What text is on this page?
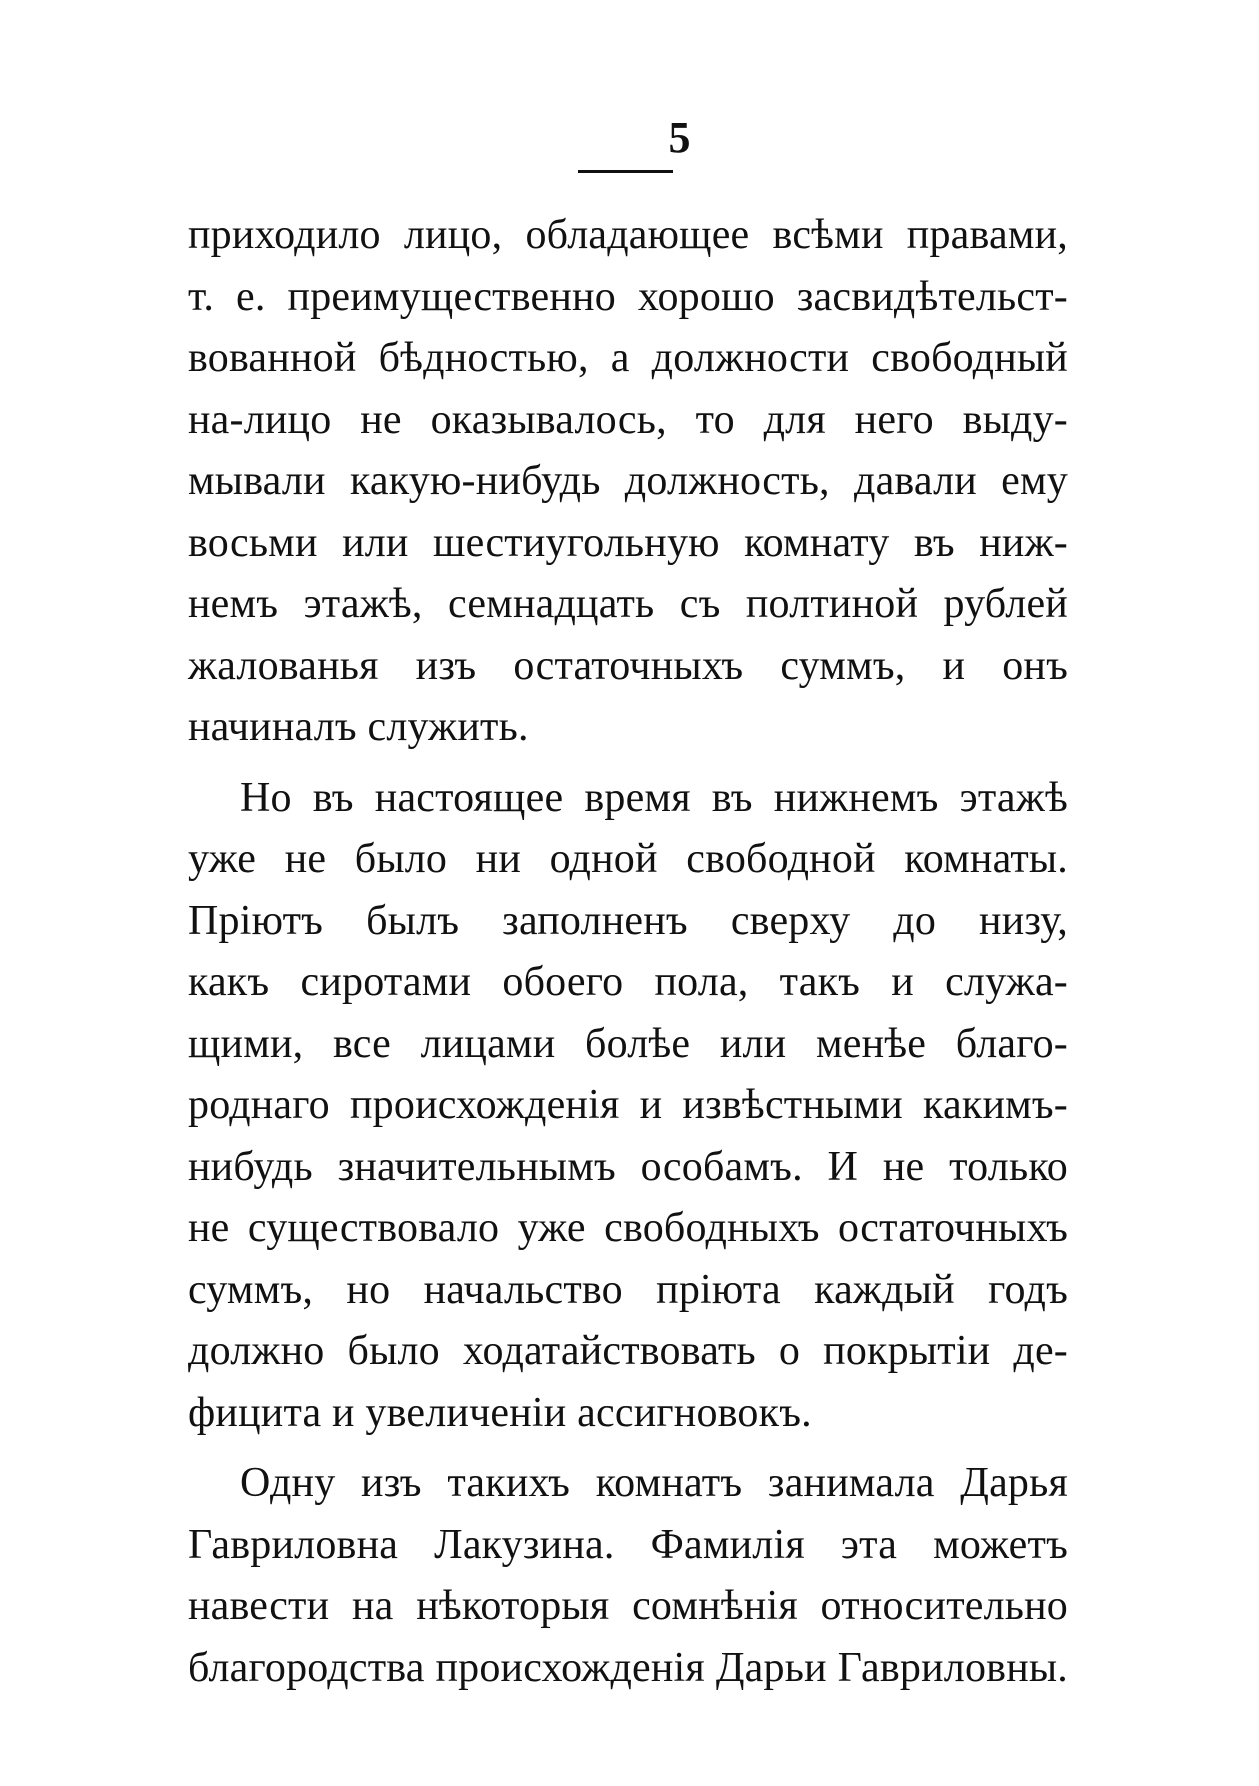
5
приходило лицо, обладающее всѣми правами,
т. е. преимущественно хорошо засвидѣтельст-
вованной бѣдностью, а должности свободный
на-лицо не оказывалось, то для него выду-
мывали какую-нибудь должность, давали ему
восьми или шестиугольную комнату въ ниж-
немъ этажѣ, семнадцать съ полтиной рублей
жалованья изъ остаточныхъ суммъ, и онъ
начиналъ служить.
Но въ настоящее время въ нижнемъ этажѣ
уже не было ни одной свободной комнаты.
Пріютъ былъ заполненъ сверху до низу,
какъ сиротами обоего пола, такъ и служа-
щими, все лицами болѣе или менѣе благо-
роднаго происхожденія и извѣстными какимъ-
нибудь значительнымъ особамъ. И не только
не существовало уже свободныхъ остаточныхъ
суммъ, но начальство пріюта каждый годъ
должно было ходатайствовать о покрытіи де-
фицита и увеличеніи ассигновокъ.
Одну изъ такихъ комнатъ занимала Дарья
Гавриловна Лакузина. Фамилія эта можетъ
навести на нѣкоторыя сомнѣнія относительно
благородства происхожденія Дарьи Гавриловны.
